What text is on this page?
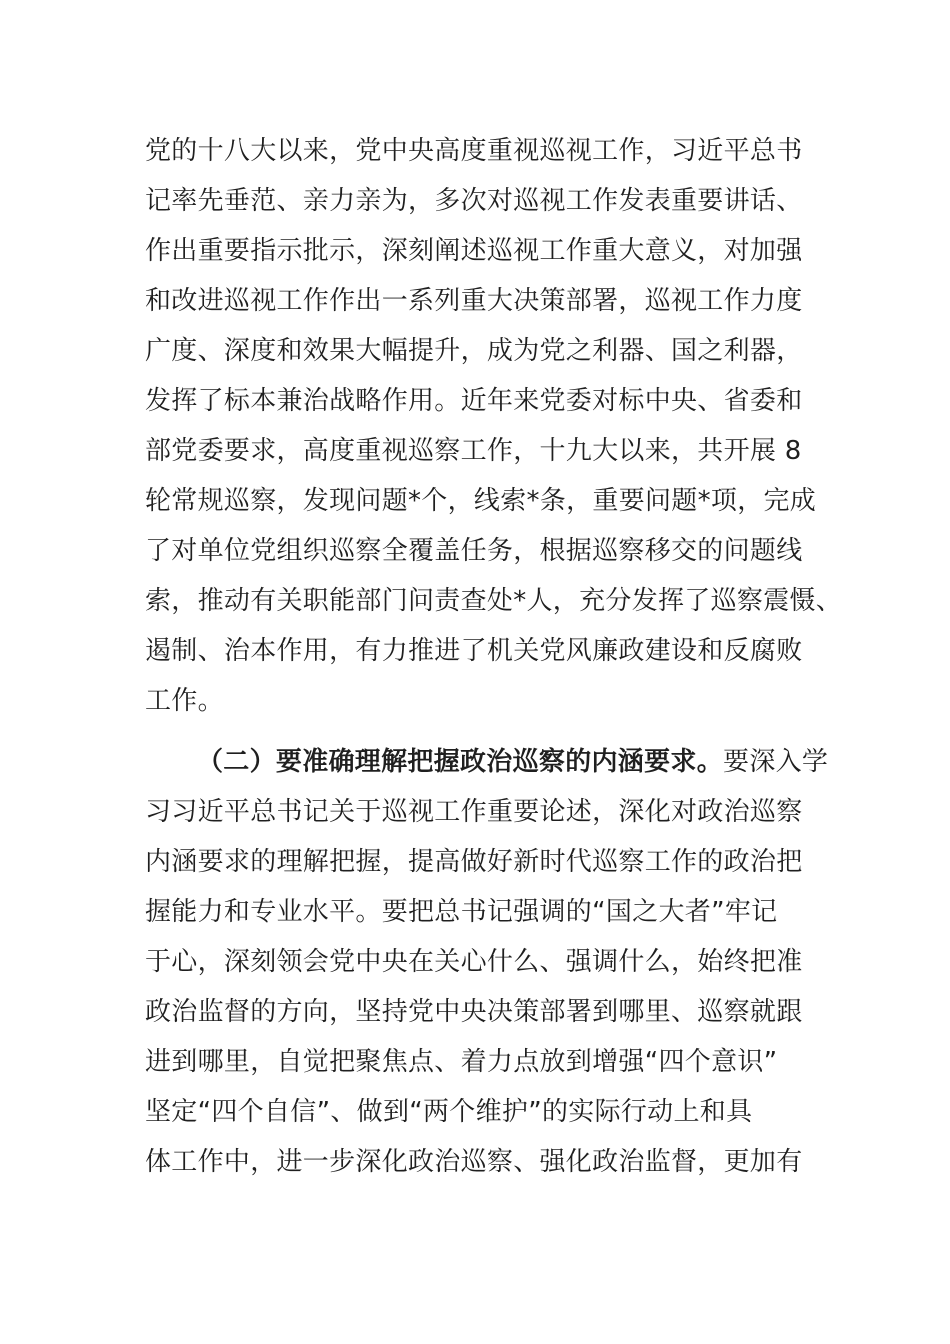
党的十八大以来，党中央高度重视巡视工作，习近平总书
记率先垂范、亲力亲为，多次对巡视工作发表重要讲话、
作出重要指示批示，深刻阐述巡视工作重大意义，对加强
和改进巡视工作作出一系列重大决策部署，巡视工作力度
广度、深度和效果大幅提升，成为党之利器、国之利器，
发挥了标本兼治战略作用。近年来党委对标中央、省委和
部党委要求，高度重视巡察工作，十九大以来，共开展 8
轮常规巡察，发现问题*个，线索*条，重要问题*项，完成
了对单位党组织巡察全覆盖任务，根据巡察移交的问题线
索，推动有关职能部门问责查处*人，充分发挥了巡察震慑、
遏制、治本作用，有力推进了机关党风廉政建设和反腐败
工作。
（二）要准确理解把握政治巡察的内涵要求。要深入学
习习近平总书记关于巡视工作重要论述，深化对政治巡察
内涵要求的理解把握，提高做好新时代巡察工作的政治把
握能力和专业水平。要把总书记强调的“国之大者”牢记
于心，深刻领会党中央在关心什么、强调什么，始终把准
政治监督的方向，坚持党中央决策部署到哪里、巡察就跟
进到哪里，自觉把聚焦点、着力点放到增强“四个意识”
坚定“四个自信”、做到“两个维护”的实际行动上和具
体工作中，进一步深化政治巡察、强化政治监督，更加有
